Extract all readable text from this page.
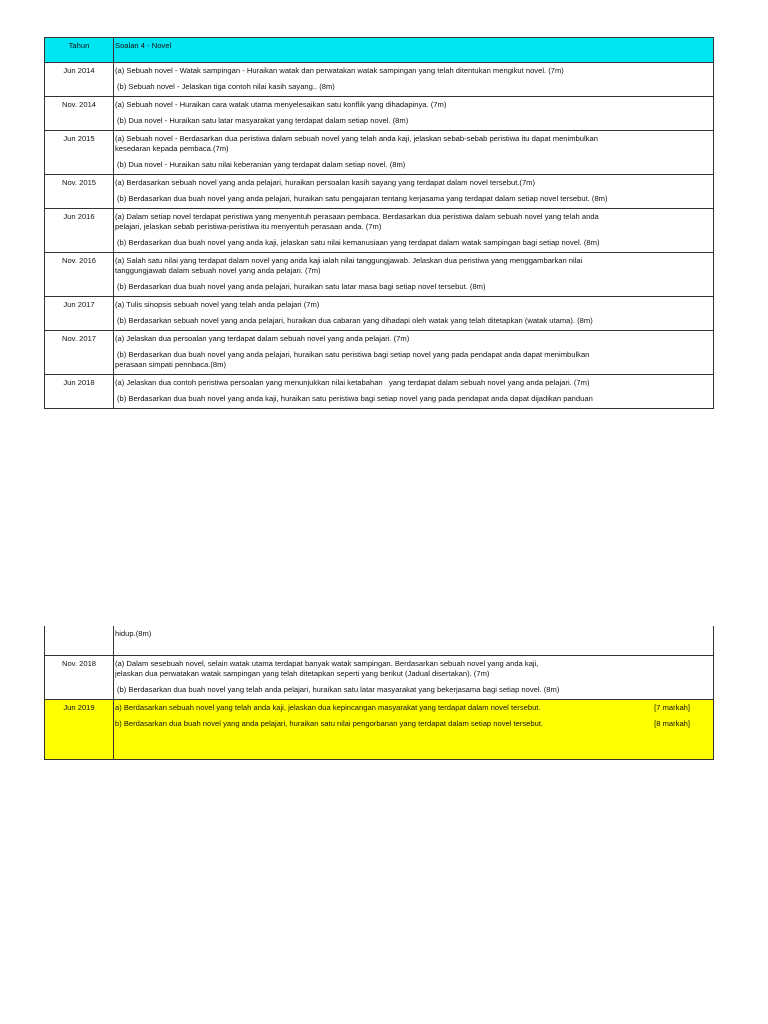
Tahun	Soalan 4 - Novel
Jun 2014	(a) Sebuah novel - Watak sampingan - Huraikan watak dan perwatakan watak sampingan yang telah ditentukan mengikut novel. (7m)
(b) Sebuah novel - Jelaskan tiga contoh nilai kasih sayang.. (8m)

Nov. 2014	(a) Sebuah novel - Huraikan cara watak utama menyelesaikan satu konflik yang dihadapinya. (7m)
(b) Dua novel - Huraikan satu latar masyarakat yang terdapat dalam setiap novel. (8m)

Jun 2015	(a) Sebuah novel - Berdasarkan dua peristiwa dalam sebuah novel yang telah anda kaji, jelaskan sebab-sebab peristiwa itu dapat menimbulkan
kesedaran kepada pembaca.(7m)
(b) Dua novel - Huraikan satu nilai keberanian yang terdapat dalam setiap novel. (8m)

Nov. 2015	(a) Berdasarkan sebuah novel yang anda pelajari, huraikan persoalan kasih sayang yang terdapat dalam novel tersebut.(7m)
(b) Berdasarkan dua buah novel yang anda pelajari, huraikan satu pengajaran tentang kerjasama yang terdapat dalam setiap novel tersebut. (8m)

Jun 2016	(a) Dalam setiap novel terdapat peristiwa yang menyentuh perasaan pembaca. Berdasarkan dua peristiwa dalam sebuah novel yang telah anda
pelajari, jelaskan sebab peristiwa-peristiwa itu menyentuh perasaan anda. (7m)
(b) Berdasarkan dua buah novel yang anda kaji, jelaskan satu nilai kemanusiaan yang terdapat dalam watak sampingan bagi setiap novel. (8m)

Nov. 2016	(a) Salah satu nilai yang terdapat dalam novel yang anda kaji ialah nilai tanggungjawab. Jelaskan dua peristiwa yang menggambarkan nilai
tanggungjawab dalam sebuah novel yang anda pelajari. (7m)
(b) Berdasarkan dua buah novel yang anda pelajari, huraikan satu latar masa bagi setiap novel tersebut. (8m)

Jun 2017	(a) Tulis sinopsis sebuah novel yang telah anda pelajari (7m)
(b) Berdasarkan sebuah novel yang anda pelajari, huraikan dua cabaran yang dihadapi oleh watak yang telah ditetapkan (watak utama). (8m)

Nov. 2017	(a) Jelaskan dua persoalan yang terdapat dalam sebuah novel yang anda pelajari. (7m)
(b) Berdasarkan dua buah novel yang anda pelajari, huraikan satu peristiwa bagi setiap novel yang pada pendapat anda dapat menimbulkan
perasaan simpati pennbaca.(8m)

Jun 2018	(a) Jelaskan dua contoh peristiwa persoalan yang menunjukkan nilai ketabahan   yang terdapat dalam sebuah novel yang anda pelajari. (7m)
(b) Berdasarkan dua buah novel yang anda kaji, huraikan satu peristiwa bagi setiap novel yang pada pendapat anda dapat dijadikan panduan

	hidup.(8m)

Nov. 2018	(a) Dalam sesebuah novel, selain watak utama terdapat banyak watak sampingan. Berdasarkan sebuah novel yang anda kaji,
jelaskan dua perwatakan watak sampingan yang telah ditetapkan seperti yang berikut (Jadual disertakan). (7m)
(b) Berdasarkan dua buah novel yang telah anda pelajari, huraikan satu latar masyarakat yang bekerjasama bagi setiap novel. (8m)

Jun 2019	a) Berdasarkan sebuah novel yang telah anda kaji, jelaskan dua kepincangan masyarakat yang terdapat dalam novel tersebut. [7 markah]
b) Berdasarkan dua buah novel yang anda pelajari, huraikan satu nilai pengorbanan yang terdapat dalam setiap novel tersebut. [8 markah]
